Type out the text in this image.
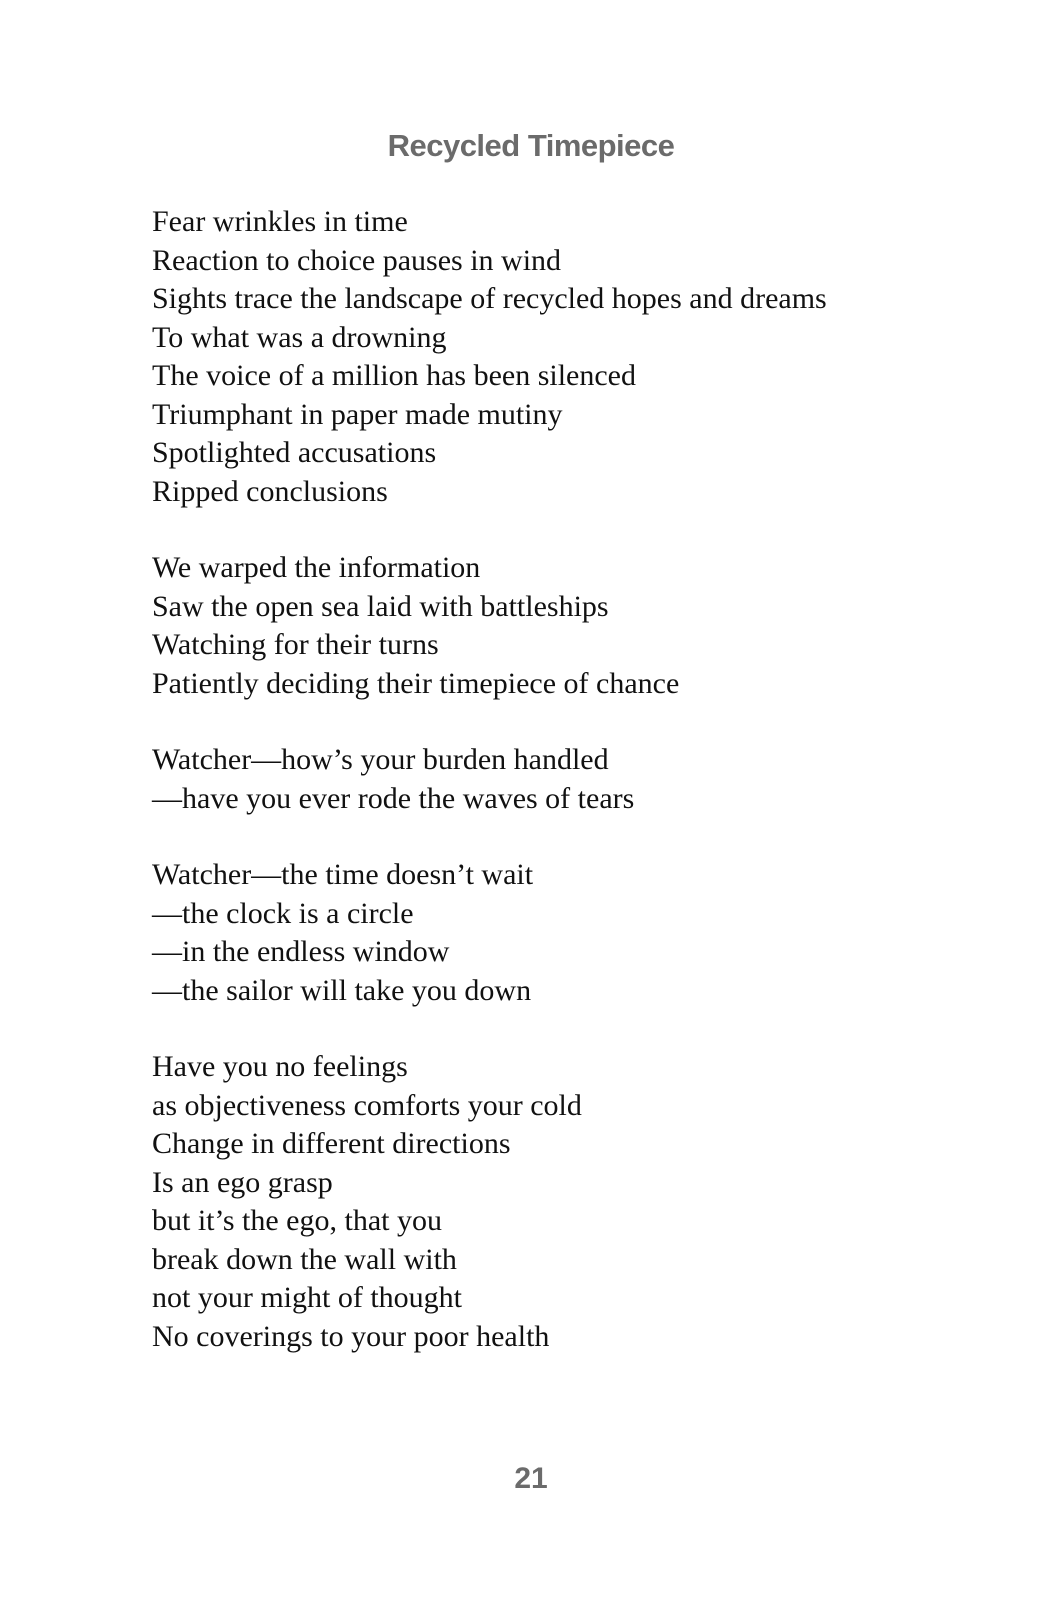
Recycled Timepiece

Fear wrinkles in time
Reaction to choice pauses in wind
Sights trace the landscape of recycled hopes and dreams
To what was a drowning
The voice of a million has been silenced
Triumphant in paper made mutiny
Spotlighted accusations
Ripped conclusions

We warped the information
Saw the open sea laid with battleships
Watching for their turns
Patiently deciding their timepiece of chance

Watcher—how’s your burden handled
—have you ever rode the waves of tears

Watcher—the time doesn’t wait
—the clock is a circle
—in the endless window
—the sailor will take you down

Have you no feelings
as objectiveness comforts your cold
Change in different directions
Is an ego grasp
but it’s the ego, that you
break down the wall with
not your might of thought
No coverings to your poor health

21
